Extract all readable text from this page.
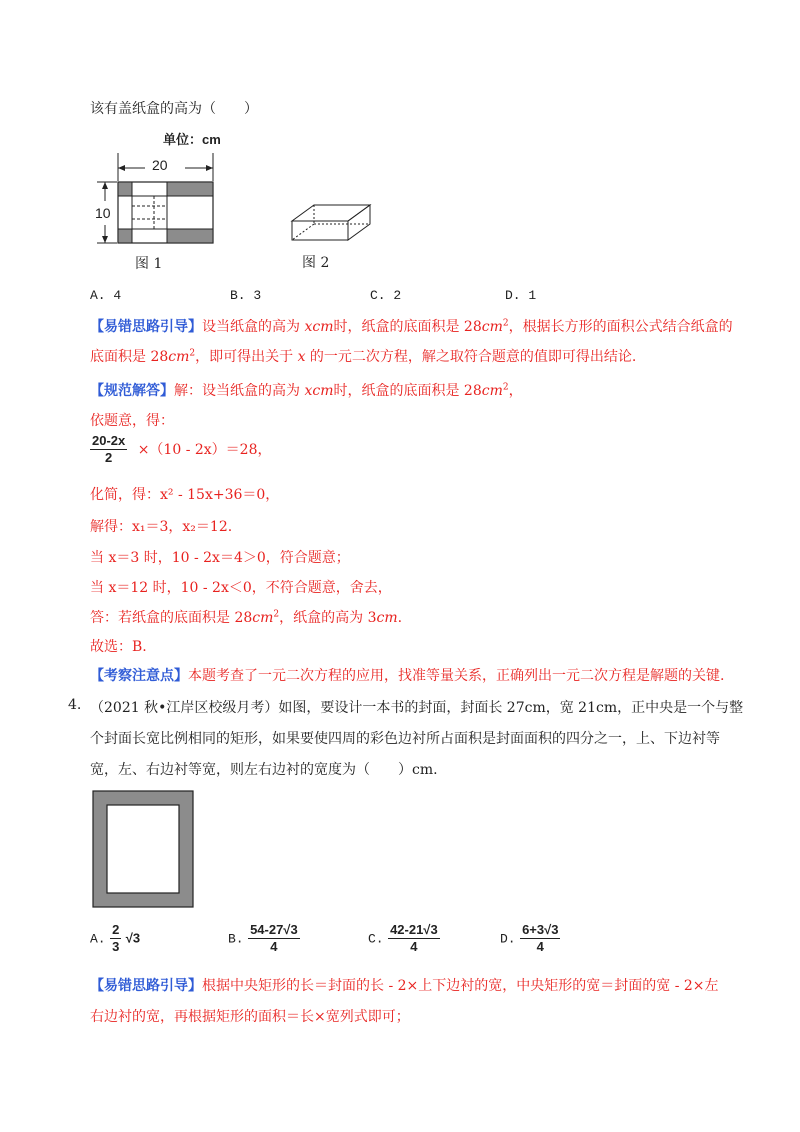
该有盖纸盒的高为（　　）
单位：cm
20
10
图 1	图 2
A. 4	B. 3	C. 2	D. 1
【易错思路引导】设当纸盒的高为 xcm时，纸盒的底面积是 $28cm^2$，根据长方形的面积公式结合纸盒的
底面积是 $28cm^2$，即可得出关于 x 的一元二次方程，解之取符合题意的值即可得出结论.
【规范解答】解：设当纸盒的高为 xcm时，纸盒的底面积是 $28cm^2$，
依题意，得：
$\frac{20-2x}{2} \times(10 - 2x)=28$，
化简，得：x² - 15x+36＝0，
解得：x₁＝3，x₂＝12.
当 x＝3 时，10 - 2x＝4＞0，符合题意；
当 x＝12 时，10 - 2x＜0，不符合题意，舍去，
答：若纸盒的底面积是 $28cm^2$，纸盒的高为 3cm.
故选：B.
【考察注意点】本题考查了一元二次方程的应用，找准等量关系，正确列出一元二次方程是解题的关键.
4. （2021 秋•江岸区校级月考）如图，要设计一本书的封面，封面长 27cm，宽 21cm，正中央是一个与整
个封面长宽比例相同的矩形，如果要使四周的彩色边衬所占面积是封面面积的四分之一，上、下边衬等
宽，左、右边衬等宽，则左右边衬的宽度为（　　）cm.
A. $\frac{2}{3} √3$	B. $\frac{54-27√3}{4}$	C. $\frac{42-21√3}{4}$	D. $\frac{6+3√3}{4}$
【易错思路引导】根据中央矩形的长＝封面的长 - 2×上下边衬的宽，中央矩形的宽＝封面的宽 - 2×左
右边衬的宽，再根据矩形的面积＝长×宽列式即可；
